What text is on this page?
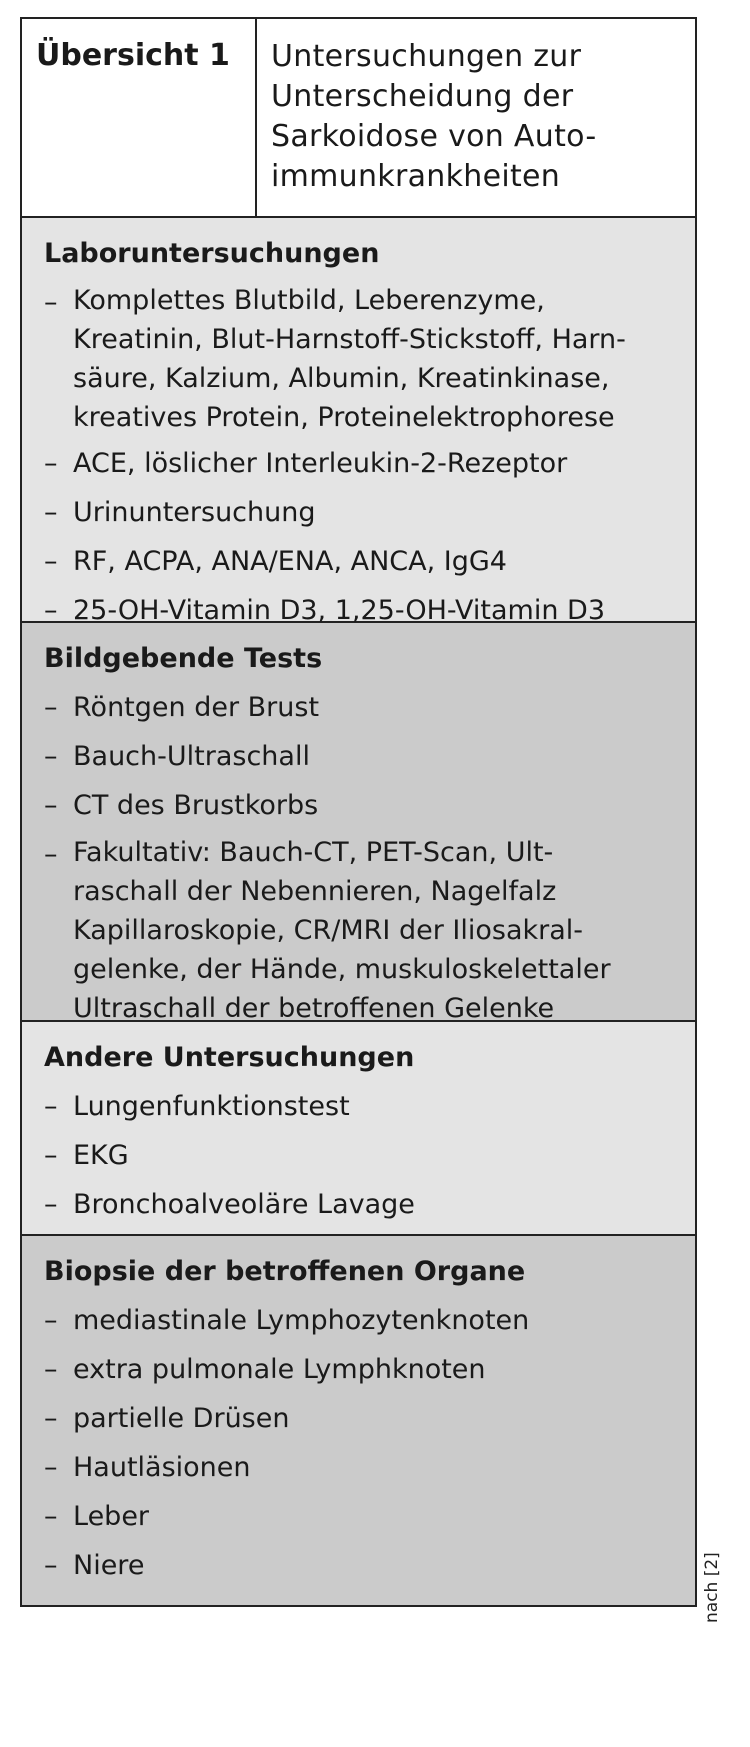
Übersicht 1	Untersuchungen zur
Unterscheidung der
Sarkoidose von Auto-
immunkrankheiten
Laboruntersuchungen
– Komplettes Blutbild, Leberenzyme,
Kreatinin, Blut-Harnstoff-Stickstoff, Harn-
säure, Kalzium, Albumin, Kreatinkinase,
kreatives Protein, Proteinelektrophorese
– ACE, löslicher Interleukin-2-Rezeptor
– Urinuntersuchung
– RF, ACPA, ANA/ENA, ANCA, IgG4
– 25-OH-Vitamin D3, 1,25-OH-Vitamin D3
Bildgebende Tests
– Röntgen der Brust
– Bauch-Ultraschall
– CT des Brustkorbs
– Fakultativ: Bauch-CT, PET-Scan, Ult-
raschall der Nebennieren, Nagelfalz
Kapillaroskopie, CR/MRI der Iliosakral-
gelenke, der Hände, muskuloskelettaler
Ultraschall der betroffenen Gelenke
Andere Untersuchungen
– Lungenfunktionstest
– EKG
– Bronchoalveoläre Lavage
Biopsie der betroffenen Organe
– mediastinale Lymphozytenknoten
– extra pulmonale Lymphknoten
– partielle Drüsen
– Hautläsionen
– Leber
– Niere	nach [2]
